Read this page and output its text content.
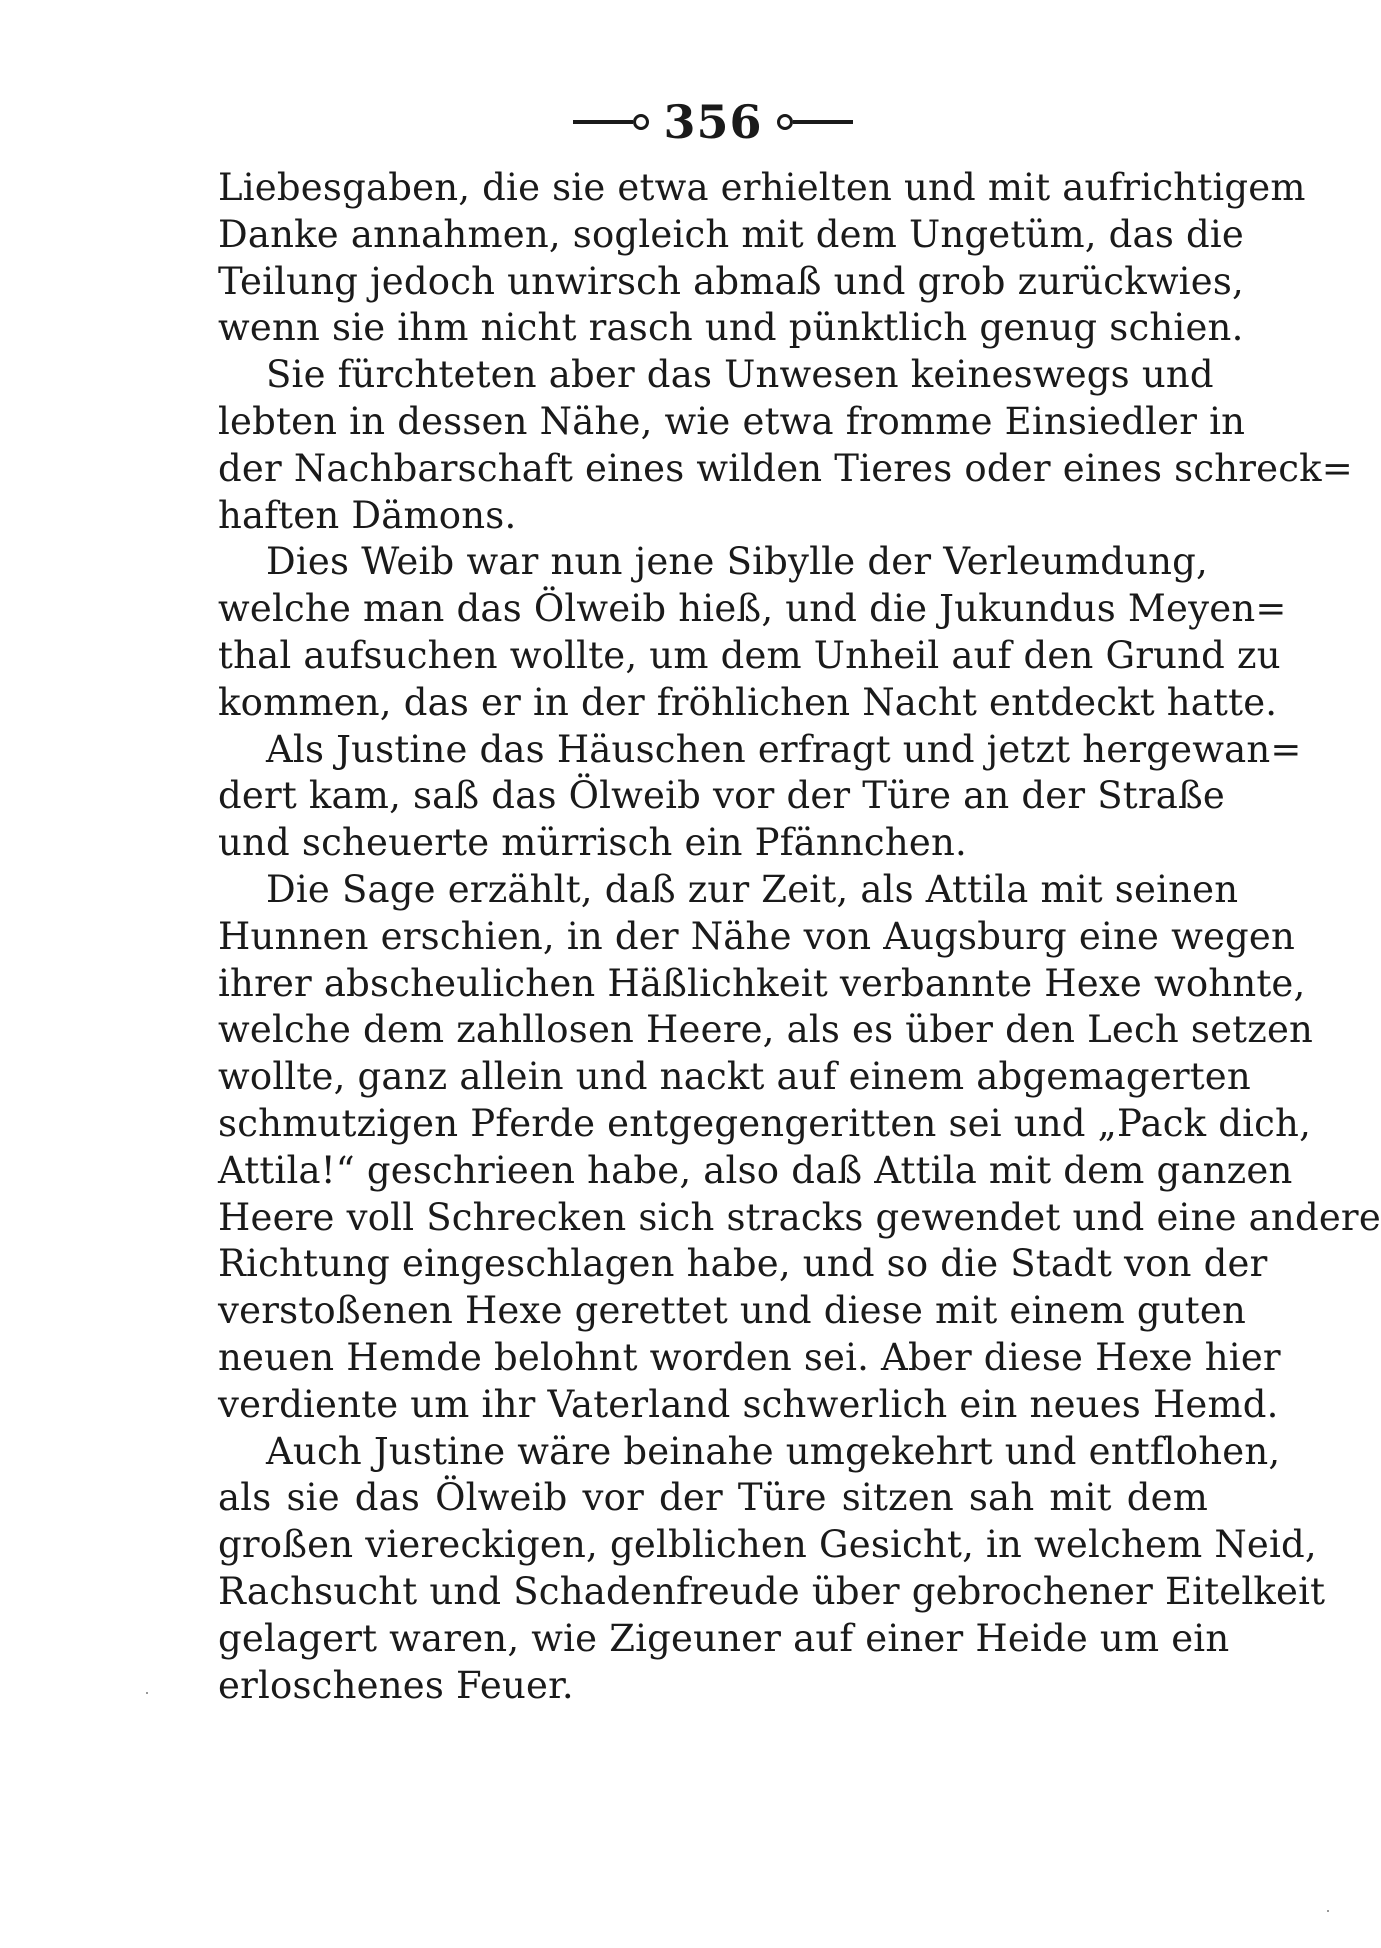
356
Liebesgaben, die sie etwa erhielten und mit aufrichtigem
Danke annahmen, sogleich mit dem Ungetüm, das die
Teilung jedoch unwirsch abmaß und grob zurückwies,
wenn sie ihm nicht rasch und pünktlich genug schien.
Sie fürchteten aber das Unwesen keineswegs und
lebten in dessen Nähe, wie etwa fromme Einsiedler in
der Nachbarschaft eines wilden Tieres oder eines schreck=
haften Dämons.
Dies Weib war nun jene Sibylle der Verleumdung,
welche man das Ölweib hieß, und die Jukundus Meyen=
thal aufsuchen wollte, um dem Unheil auf den Grund zu
kommen, das er in der fröhlichen Nacht entdeckt hatte.
Als Justine das Häuschen erfragt und jetzt hergewan=
dert kam, saß das Ölweib vor der Türe an der Straße
und scheuerte mürrisch ein Pfännchen.
Die Sage erzählt, daß zur Zeit, als Attila mit seinen
Hunnen erschien, in der Nähe von Augsburg eine wegen
ihrer abscheulichen Häßlichkeit verbannte Hexe wohnte,
welche dem zahllosen Heere, als es über den Lech setzen
wollte, ganz allein und nackt auf einem abgemagerten
schmutzigen Pferde entgegengeritten sei und „Pack dich,
Attila!“ geschrieen habe, also daß Attila mit dem ganzen
Heere voll Schrecken sich stracks gewendet und eine andere
Richtung eingeschlagen habe, und so die Stadt von der
verstoßenen Hexe gerettet und diese mit einem guten
neuen Hemde belohnt worden sei. Aber diese Hexe hier
verdiente um ihr Vaterland schwerlich ein neues Hemd.
Auch Justine wäre beinahe umgekehrt und entflohen,
als sie das Ölweib vor der Türe sitzen sah mit dem
großen viereckigen, gelblichen Gesicht, in welchem Neid,
Rachsucht und Schadenfreude über gebrochener Eitelkeit
gelagert waren, wie Zigeuner auf einer Heide um ein
erloschenes Feuer.
